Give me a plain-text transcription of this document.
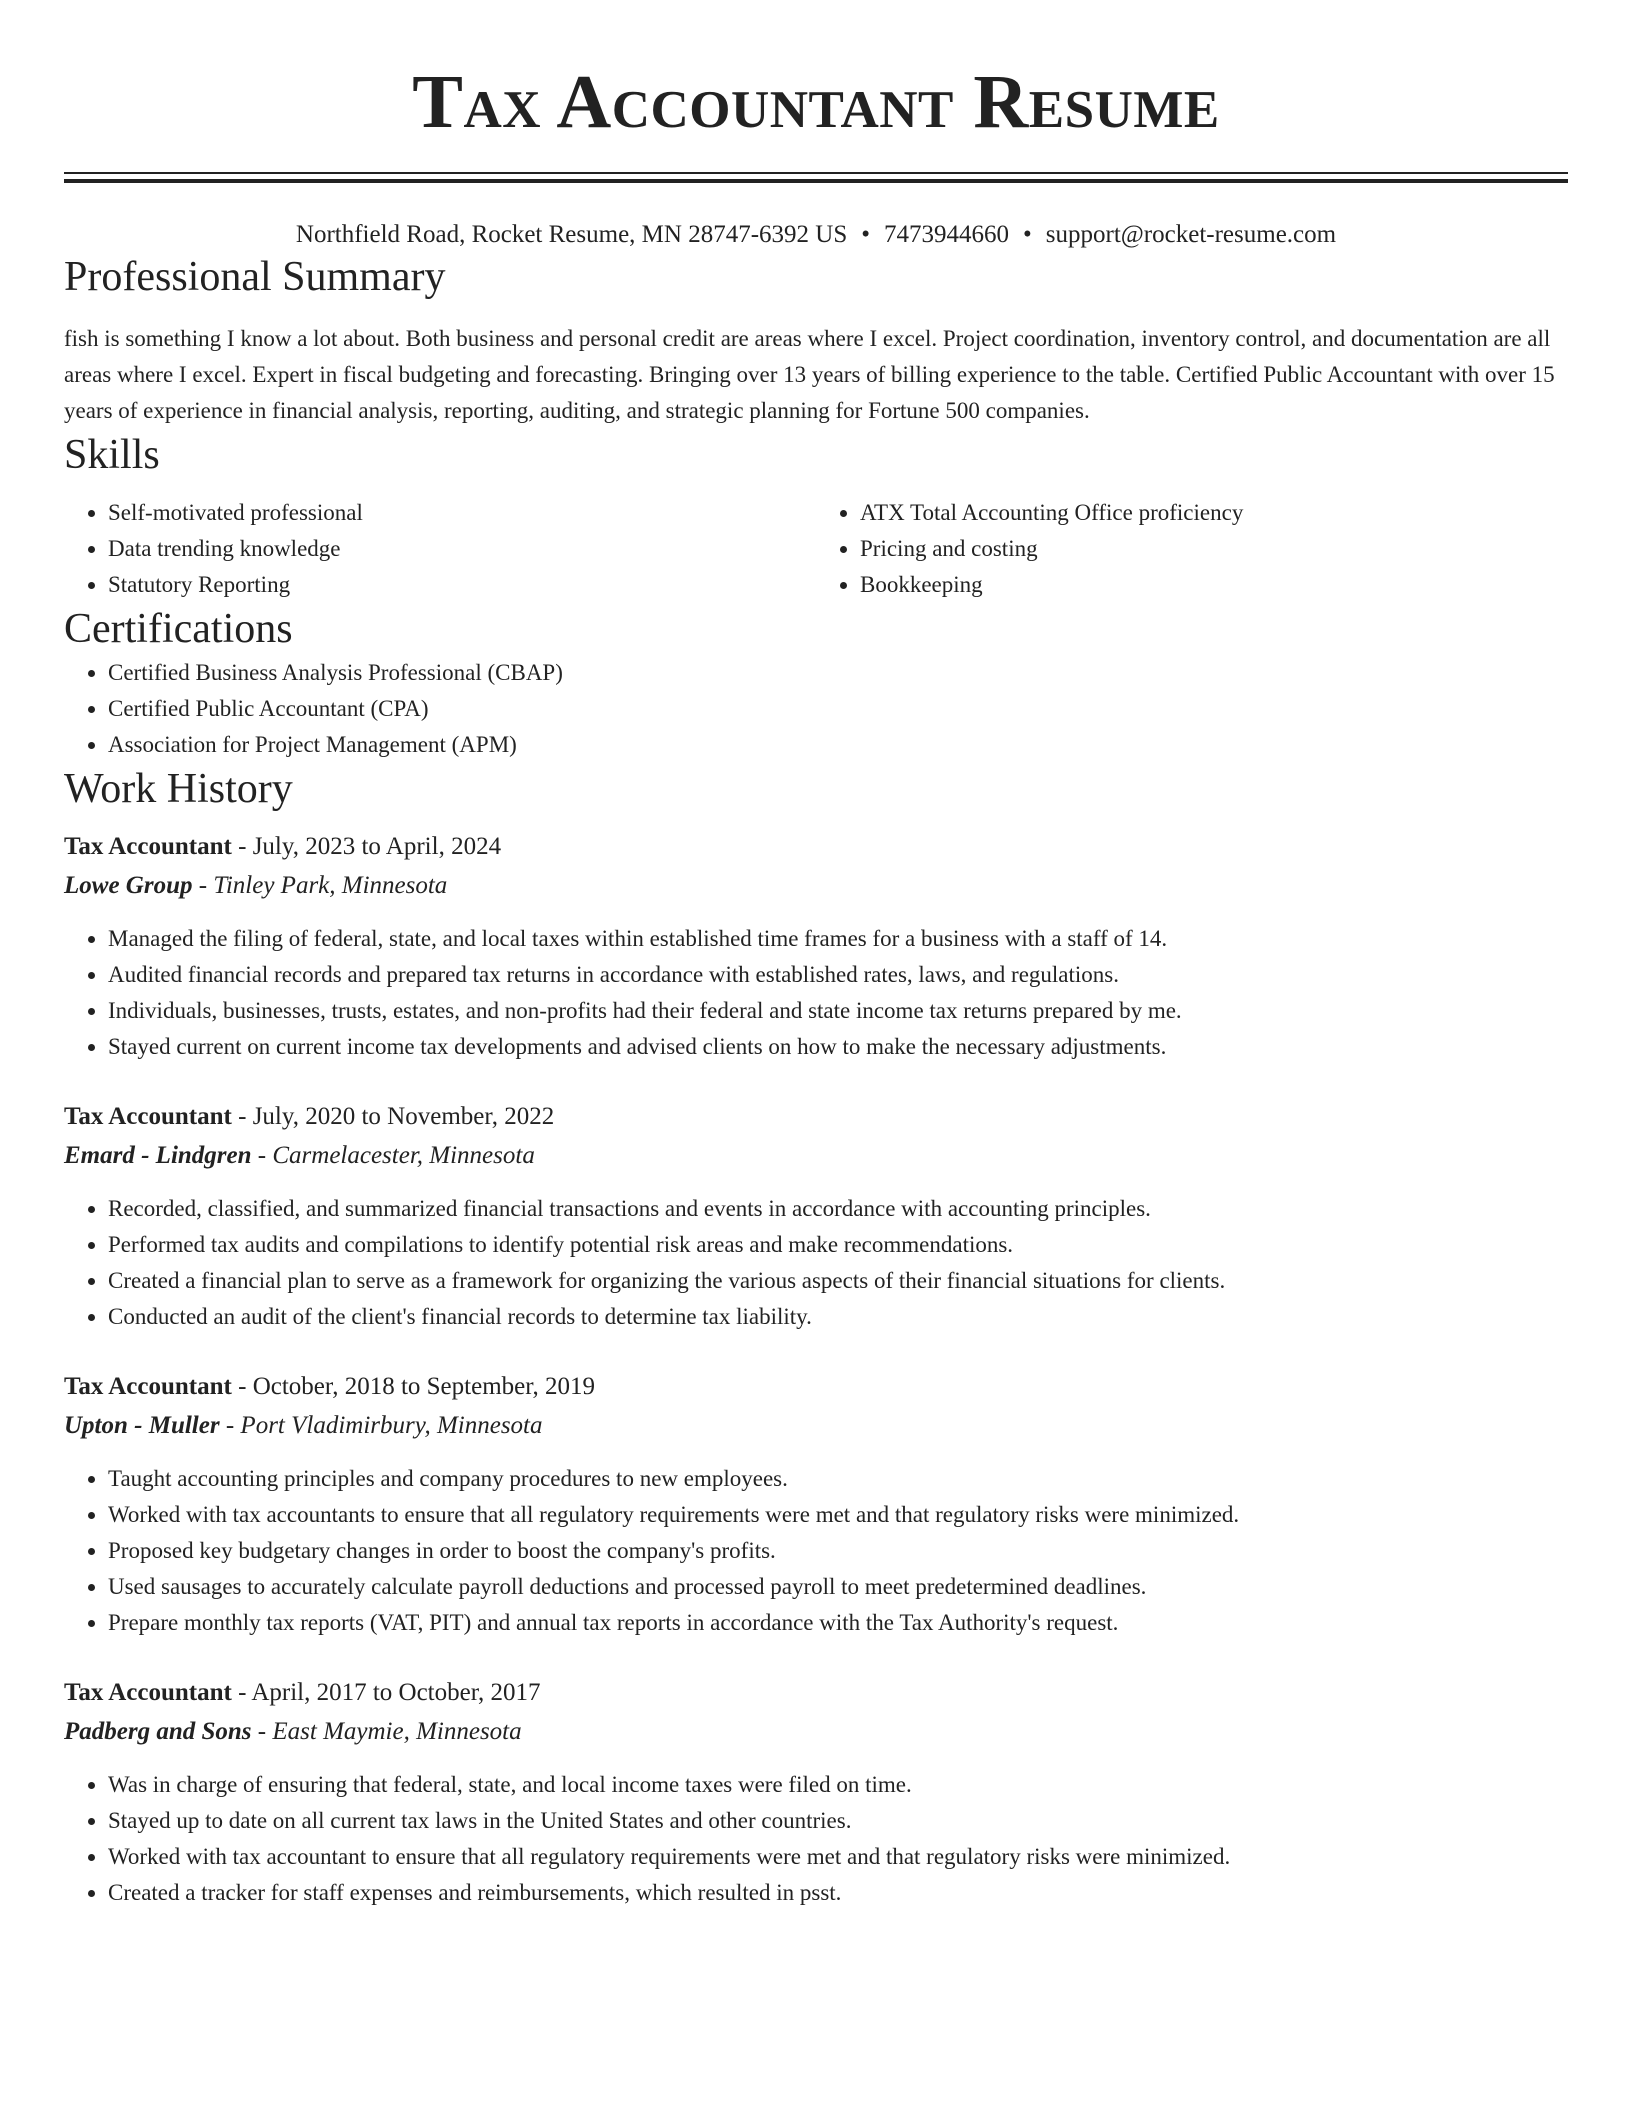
Tax Accountant Resume
Northfield Road, Rocket Resume, MN 28747-6392 US • 7473944660 • support@rocket-resume.com
Professional Summary

fish is something I know a lot about. Both business and personal credit are areas where I excel. Project coordination, inventory control, and documentation are all areas where I excel. Expert in fiscal budgeting and forecasting. Bringing over 13 years of billing experience to the table. Certified Public Accountant with over 15 years of experience in financial analysis, reporting, auditing, and strategic planning for Fortune 500 companies.

Skills
• Self-motivated professional
• Data trending knowledge
• Statutory Reporting
• ATX Total Accounting Office proficiency
• Pricing and costing
• Bookkeeping
Certifications
• Certified Business Analysis Professional (CBAP)
• Certified Public Accountant (CPA)
• Association for Project Management (APM)
Work History
Tax Accountant - July, 2023 to April, 2024
Lowe Group - Tinley Park, Minnesota
• Managed the filing of federal, state, and local taxes within established time frames for a business with a staff of 14.
• Audited financial records and prepared tax returns in accordance with established rates, laws, and regulations.
• Individuals, businesses, trusts, estates, and non-profits had their federal and state income tax returns prepared by me.
• Stayed current on current income tax developments and advised clients on how to make the necessary adjustments.
Tax Accountant - July, 2020 to November, 2022
Emard - Lindgren - Carmelacester, Minnesota
• Recorded, classified, and summarized financial transactions and events in accordance with accounting principles.
• Performed tax audits and compilations to identify potential risk areas and make recommendations.
• Created a financial plan to serve as a framework for organizing the various aspects of their financial situations for clients.
• Conducted an audit of the client's financial records to determine tax liability.
Tax Accountant - October, 2018 to September, 2019
Upton - Muller - Port Vladimirbury, Minnesota
• Taught accounting principles and company procedures to new employees.
• Worked with tax accountants to ensure that all regulatory requirements were met and that regulatory risks were minimized.
• Proposed key budgetary changes in order to boost the company's profits.
• Used sausages to accurately calculate payroll deductions and processed payroll to meet predetermined deadlines.
• Prepare monthly tax reports (VAT, PIT) and annual tax reports in accordance with the Tax Authority's request.
Tax Accountant - April, 2017 to October, 2017
Padberg and Sons - East Maymie, Minnesota
• Was in charge of ensuring that federal, state, and local income taxes were filed on time.
• Stayed up to date on all current tax laws in the United States and other countries.
• Worked with tax accountant to ensure that all regulatory requirements were met and that regulatory risks were minimized.
• Created a tracker for staff expenses and reimbursements, which resulted in psst.
